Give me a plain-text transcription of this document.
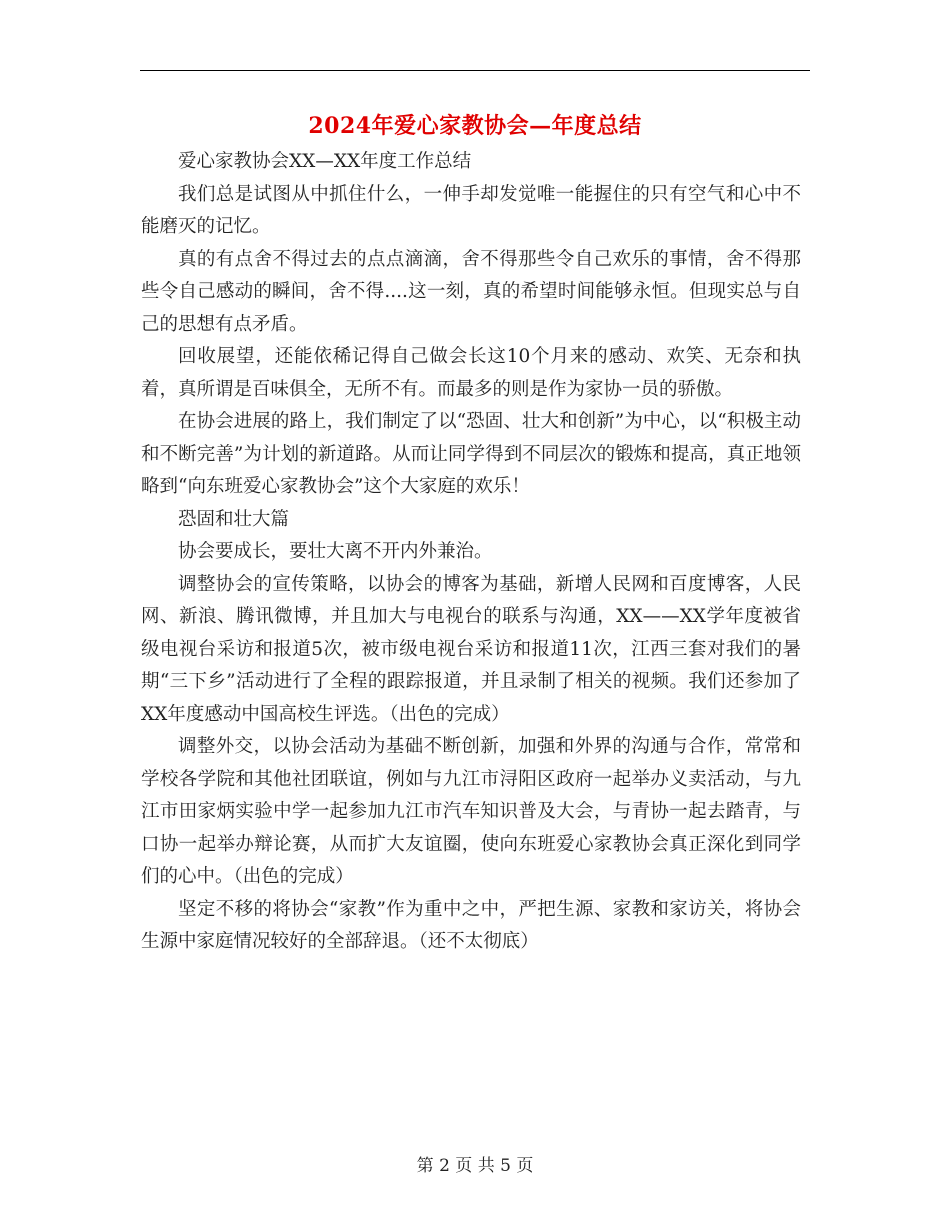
2024年爱心家教协会—年度总结

爱心家教协会XX—XX年度工作总结

我们总是试图从中抓住什么，一伸手却发觉唯一能握住的只有空气和心中不能磨灭的记忆。

真的有点舍不得过去的点点滴滴，舍不得那些令自己欢乐的事情，舍不得那些令自己感动的瞬间，舍不得....这一刻，真的希望时间能够永恒。但现实总与自己的思想有点矛盾。

回收展望，还能依稀记得自己做会长这10个月来的感动、欢笑、无奈和执着，真所谓是百味俱全，无所不有。而最多的则是作为家协一员的骄傲。

在协会进展的路上，我们制定了以“恐固、壮大和创新”为中心，以“积极主动和不断完善”为计划的新道路。从而让同学得到不同层次的锻炼和提高，真正地领略到“向东班爱心家教协会”这个大家庭的欢乐！

恐固和壮大篇

协会要成长，要壮大离不开内外兼治。

调整协会的宣传策略，以协会的博客为基础，新增人民网和百度博客，人民网、新浪、腾讯微博，并且加大与电视台的联系与沟通，XX——XX学年度被省级电视台采访和报道5次，被市级电视台采访和报道11次，江西三套对我们的暑期“三下乡”活动进行了全程的跟踪报道，并且录制了相关的视频。我们还参加了XX年度感动中国高校生评选。（出色的完成）

调整外交，以协会活动为基础不断创新，加强和外界的沟通与合作，常常和学校各学院和其他社团联谊，例如与九江市浔阳区政府一起举办义卖活动，与九江市田家炳实验中学一起参加九江市汽车知识普及大会，与青协一起去踏青，与口协一起举办辩论赛，从而扩大友谊圈，使向东班爱心家教协会真正深化到同学们的心中。（出色的完成）

坚定不移的将协会“家教”作为重中之中，严把生源、家教和家访关，将协会生源中家庭情况较好的全部辞退。（还不太彻底）

第 2 页 共 5 页
